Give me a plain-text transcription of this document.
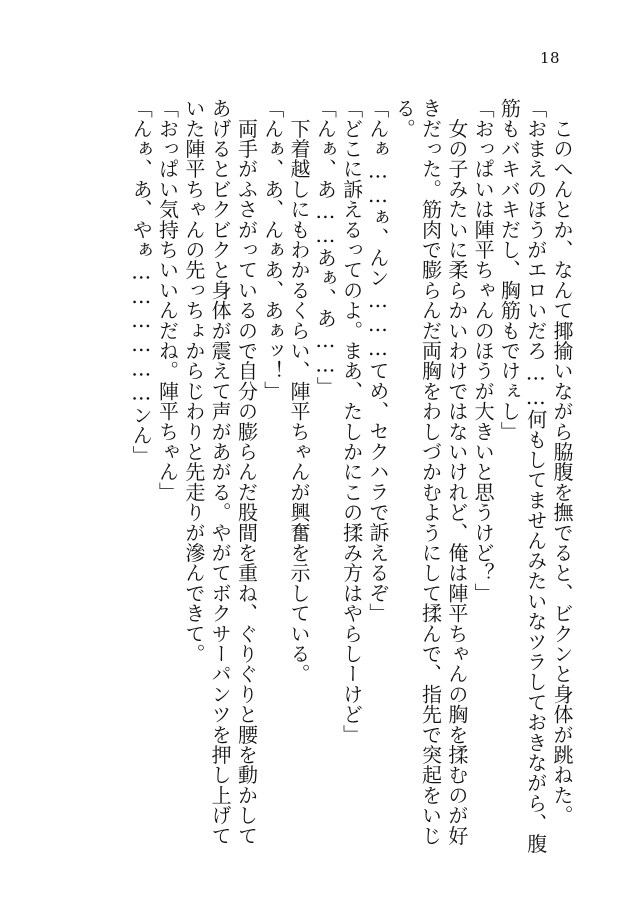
18

　このへんとか、なんて揶揄いながら脇腹を撫でると、ビクンと身体が跳ねた。

「おまえのほうがエロいだろ……何もしてませんみたいなツラしておきながら、腹筋もバキバキだし、胸筋もでけぇし」

「おっぱいは陣平ちゃんのほうが大きいと思うけど？」

　女の子みたいに柔らかいわけではないけれど、俺は陣平ちゃんの胸を揉むのが好きだった。筋肉で膨らんだ両胸をわしづかむようにして揉んで、指先で突起をいじる。

「んぁ……ぁ、んン………てめ、セクハラで訴えるぞ」

「どこに訴えるってのよ。まあ、たしかにこの揉み方はやらしーけど」

「んぁ、あ……あぁ、あ……」

　下着越しにもわかるくらい、陣平ちゃんが興奮を示している。

「んぁ、あ、んぁあ、あぁッ！」

　両手がふさがっているので自分の膨らんだ股間を重ね、ぐりぐりと腰を動かしてあげるとビクビクと身体が震えて声があがる。やがてボクサーパンツを押し上げていた陣平ちゃんの先っちょからじわりと先走りが滲んできて。

「おっぱい気持ちいいんだね。陣平ちゃん」

「んぁ、あ、やぁ………………ンん」
